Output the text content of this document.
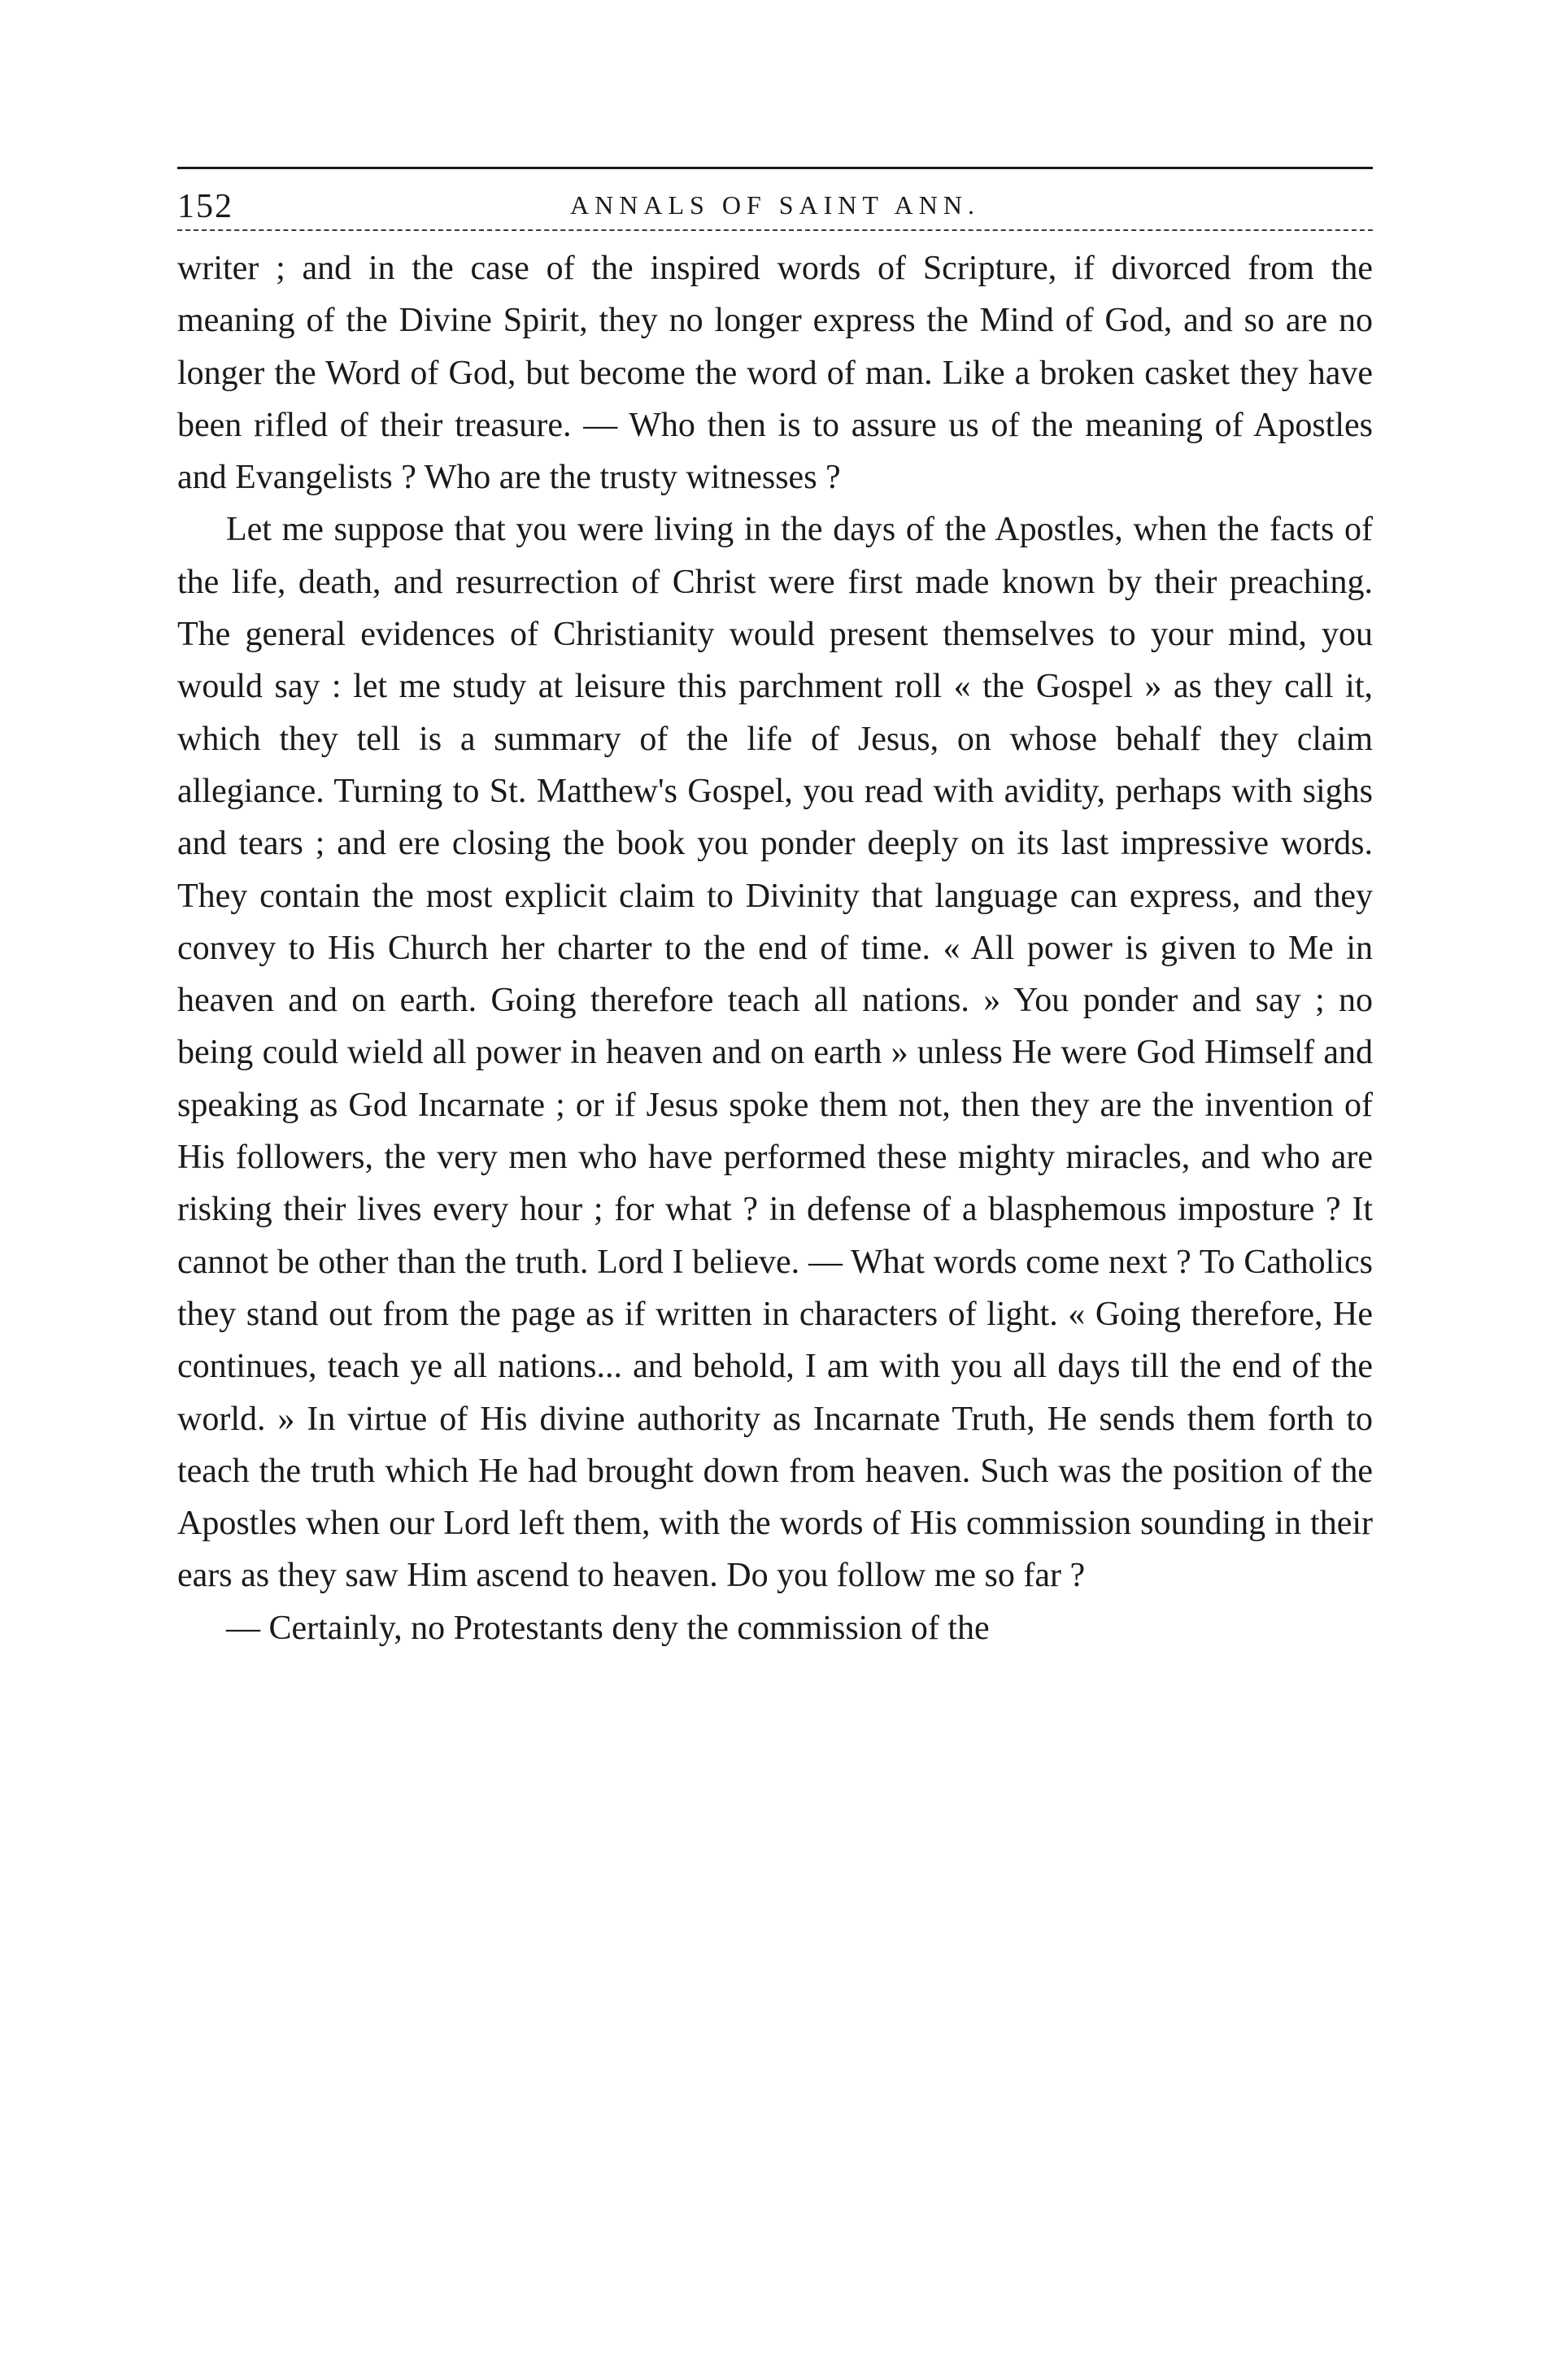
152	ANNALS OF SAINT ANN.

writer ; and in the case of the inspired words of Scripture, if divorced from the meaning of the Divine Spirit, they no longer express the Mind of God, and so are no longer the Word of God, but become the word of man. Like a broken casket they have been rifled of their treasure. — Who then is to assure us of the meaning of Apostles and Evangelists ? Who are the trusty witnesses ?

Let me suppose that you were living in the days of the Apostles, when the facts of the life, death, and resurrection of Christ were first made known by their preaching. The general evidences of Christianity would present themselves to your mind, you would say : let me study at leisure this parchment roll « the Gospel » as they call it, which they tell is a summary of the life of Jesus, on whose behalf they claim allegiance. Turning to St. Matthew's Gospel, you read with avidity, perhaps with sighs and tears ; and ere closing the book you ponder deeply on its last impressive words. They contain the most explicit claim to Divinity that language can express, and they convey to His Church her charter to the end of time. « All power is given to Me in heaven and on earth. Going therefore teach all nations. » You ponder and say ; no being could wield all power in heaven and on earth » unless He were God Himself and speaking as God Incarnate ; or if Jesus spoke them not, then they are the invention of His followers, the very men who have performed these mighty miracles, and who are risking their lives every hour ; for what ? in defense of a blasphemous imposture ? It cannot be other than the truth. Lord I believe. — What words come next ? To Catholics they stand out from the page as if written in characters of light. « Going therefore, He continues, teach ye all nations... and behold, I am with you all days till the end of the world. » In virtue of His divine authority as Incarnate Truth, He sends them forth to teach the truth which He had brought down from heaven. Such was the position of the Apostles when our Lord left them, with the words of His commission sounding in their ears as they saw Him ascend to heaven. Do you follow me so far ?

— Certainly, no Protestants deny the commission of the
